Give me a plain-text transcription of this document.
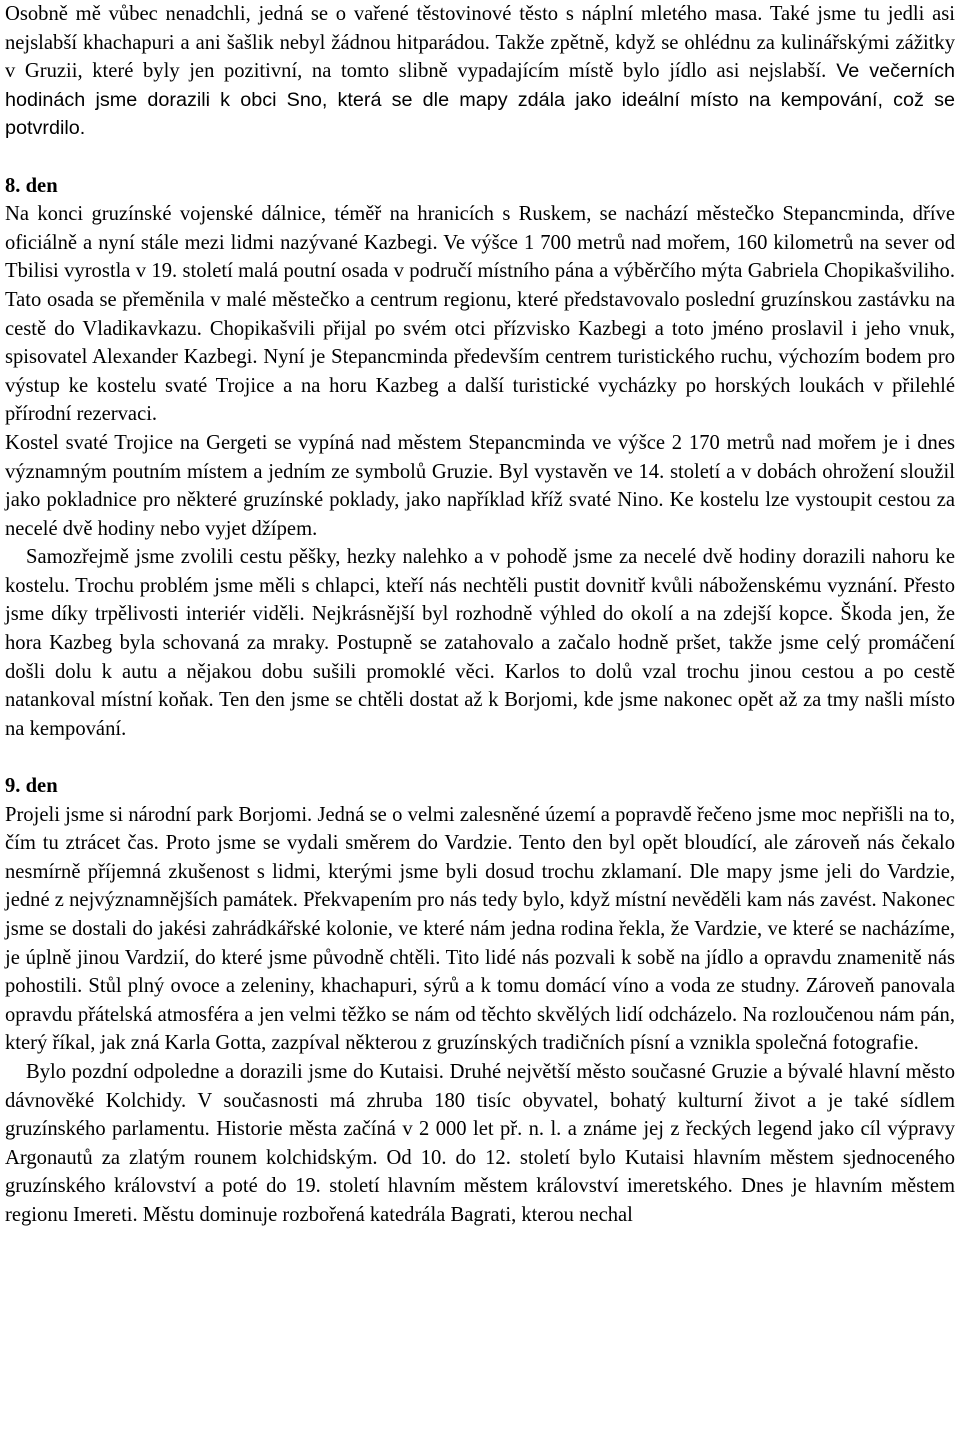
Osobně mě vůbec nenadchli, jedná se o vařené těstovinové těsto s náplní mletého masa. Také jsme tu jedli asi nejslabší khachapuri a ani šašlik nebyl žádnou hitparádou. Takže zpětně, když se ohlédnu za kulinářskými zážitky v Gruzii, které byly jen pozitivní, na tomto slibně vypadajícím místě bylo jídlo asi nejslabší. Ve večerních hodinách jsme dorazili k obci Sno, která se dle mapy zdála jako ideální místo na kempování, což se potvrdilo.

8. den

Na konci gruzínské vojenské dálnice, téměř na hranicích s Ruskem, se nachází městečko Stepancminda, dříve oficiálně a nyní stále mezi lidmi nazývané Kazbegi. Ve výšce 1 700 metrů nad mořem, 160 kilometrů na sever od Tbilisi vyrostla v 19. století malá poutní osada v područí místního pána a výběrčího mýta Gabriela Chopikašviliho. Tato osada se přeměnila v malé městečko a centrum regionu, které představovalo poslední gruzínskou zastávku na cestě do Vladikavkazu. Chopikašvili přijal po svém otci přízvisko Kazbegi a toto jméno proslavil i jeho vnuk, spisovatel Alexander Kazbegi. Nyní je Stepancminda především centrem turistického ruchu, výchozím bodem pro výstup ke kostelu svaté Trojice a na horu Kazbeg a další turistické vycházky po horských loukách v přilehlé přírodní rezervaci.

Kostel svaté Trojice na Gergeti se vypíná nad městem Stepancminda ve výšce 2 170 metrů nad mořem je i dnes významným poutním místem a jedním ze symbolů Gruzie. Byl vystavěn ve 14. století a v dobách ohrožení sloužil jako pokladnice pro některé gruzínské poklady, jako například kříž svaté Nino. Ke kostelu lze vystoupit cestou za necelé dvě hodiny nebo vyjet džípem.

Samozřejmě jsme zvolili cestu pěšky, hezky nalehko a v pohodě jsme za necelé dvě hodiny dorazili nahoru ke kostelu. Trochu problém jsme měli s chlapci, kteří nás nechtěli pustit dovnitř kvůli náboženskému vyznání. Přesto jsme díky trpělivosti interiér viděli. Nejkrásnější byl rozhodně výhled do okolí a na zdejší kopce. Škoda jen, že hora Kazbeg byla schovaná za mraky. Postupně se zatahovalo a začalo hodně pršet, takže jsme celý promáčení došli dolu k autu a nějakou dobu sušili promoklé věci. Karlos to dolů vzal trochu jinou cestou a po cestě natankoval místní koňak. Ten den jsme se chtěli dostat až k Borjomi, kde jsme nakonec opět až za tmy našli místo na kempování.

9. den

Projeli jsme si národní park Borjomi. Jedná se o velmi zalesněné území a popravdě řečeno jsme moc nepřišli na to, čím tu ztrácet čas. Proto jsme se vydali směrem do Vardzie. Tento den byl opět bloudící, ale zároveň nás čekalo nesmírně příjemná zkušenost s lidmi, kterými jsme byli dosud trochu zklamaní. Dle mapy jsme jeli do Vardzie, jedné z nejvýznamnějších památek. Překvapením pro nás tedy bylo, když místní nevěděli kam nás zavést. Nakonec jsme se dostali do jakési zahrádkářské kolonie, ve které nám jedna rodina řekla, že Vardzie, ve které se nacházíme, je úplně jinou Vardzií, do které jsme původně chtěli. Tito lidé nás pozvali k sobě na jídlo a opravdu znamenitě nás pohostili. Stůl plný ovoce a zeleniny, khachapuri, sýrů a k tomu domácí víno a voda ze studny. Zároveň panovala opravdu přátelská atmosféra a jen velmi těžko se nám od těchto skvělých lidí odcházelo. Na rozloučenou nám pán, který říkal, jak zná Karla Gotta, zazpíval některou z gruzínských tradičních písní a vznikla společná fotografie.

Bylo pozdní odpoledne a dorazili jsme do Kutaisi. Druhé největší město současné Gruzie a bývalé hlavní město dávnověké Kolchidy. V současnosti má zhruba 180 tisíc obyvatel, bohatý kulturní život a je také sídlem gruzínského parlamentu. Historie města začíná v 2 000 let př. n. l. a známe jej z řeckých legend jako cíl výpravy Argonautů za zlatým rounem kolchidským. Od 10. do 12. století bylo Kutaisi hlavním městem sjednoceného gruzínského království a poté do 19. století hlavním městem království imeretského. Dnes je hlavním městem regionu Imereti. Městu dominuje rozbořená katedrála Bagrati, kterou nechal
